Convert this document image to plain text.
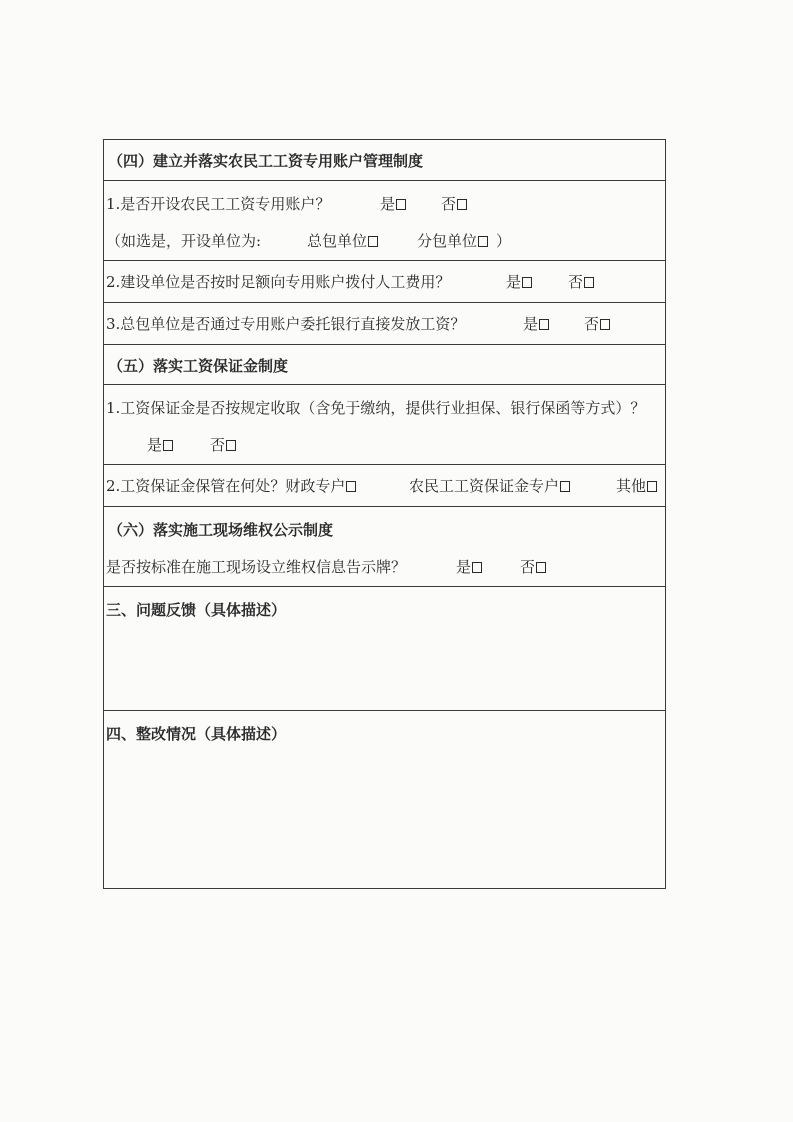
（四）建立并落实农民工工资专用账户管理制度
1.是否开设农民工工资专用账户？	是	否
（如选是，开设单位为:	总包单位	分包单位	）
2.建设单位是否按时足额向专用账户拨付人工费用？	是	否
3.总包单位是否通过专用账户委托银行直接发放工资？	是	否
（五）落实工资保证金制度
1.工资保证金是否按规定收取（含免于缴纳，提供行业担保、银行保函等方式）？
是	否
2.工资保证金保管在何处？财政专户	农民工工资保证金专户	其他
（六）落实施工现场维权公示制度
是否按标准在施工现场设立维权信息告示牌？	是	否
三、问题反馈（具体描述）
四、整改情况（具体描述）
